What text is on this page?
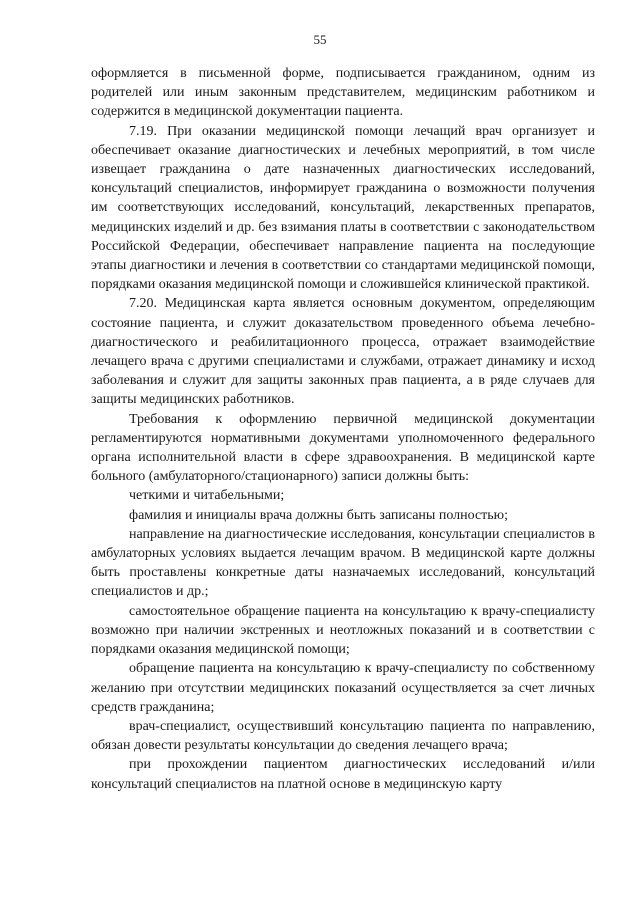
55

оформляется в письменной форме, подписывается гражданином, одним из родителей или иным законным представителем, медицинским работником и содержится в медицинской документации пациента.

7.19. При оказании медицинской помощи лечащий врач организует и обеспечивает оказание диагностических и лечебных мероприятий, в том числе извещает гражданина о дате назначенных диагностических исследований, консультаций специалистов, информирует гражданина о возможности получения им соответствующих исследований, консультаций, лекарственных препаратов, медицинских изделий и др. без взимания платы в соответствии с законодательством Российской Федерации, обеспечивает направление пациента на последующие этапы диагностики и лечения в соответствии со стандартами медицинской помощи, порядками оказания медицинской помощи и сложившейся клинической практикой.

7.20. Медицинская карта является основным документом, определяющим состояние пациента, и служит доказательством проведенного объема лечебно-диагностического и реабилитационного процесса, отражает взаимодействие лечащего врача с другими специалистами и службами, отражает динамику и исход заболевания и служит для защиты законных прав пациента, а в ряде случаев для защиты медицинских работников.

Требования к оформлению первичной медицинской документации регламентируются нормативными документами уполномоченного федерального органа исполнительной власти в сфере здравоохранения. В медицинской карте больного (амбулаторного/стационарного) записи должны быть:

четкими и читабельными;

фамилия и инициалы врача должны быть записаны полностью;

направление на диагностические исследования, консультации специалистов в амбулаторных условиях выдается лечащим врачом. В медицинской карте должны быть проставлены конкретные даты назначаемых исследований, консультаций специалистов и др.;

самостоятельное обращение пациента на консультацию к врачу-специалисту возможно при наличии экстренных и неотложных показаний и в соответствии с порядками оказания медицинской помощи;

обращение пациента на консультацию к врачу-специалисту по собственному желанию при отсутствии медицинских показаний осуществляется за счет личных средств гражданина;

врач-специалист, осуществивший консультацию пациента по направлению, обязан довести результаты консультации до сведения лечащего врача;

при прохождении пациентом диагностических исследований и/или консультаций специалистов на платной основе в медицинскую карту
